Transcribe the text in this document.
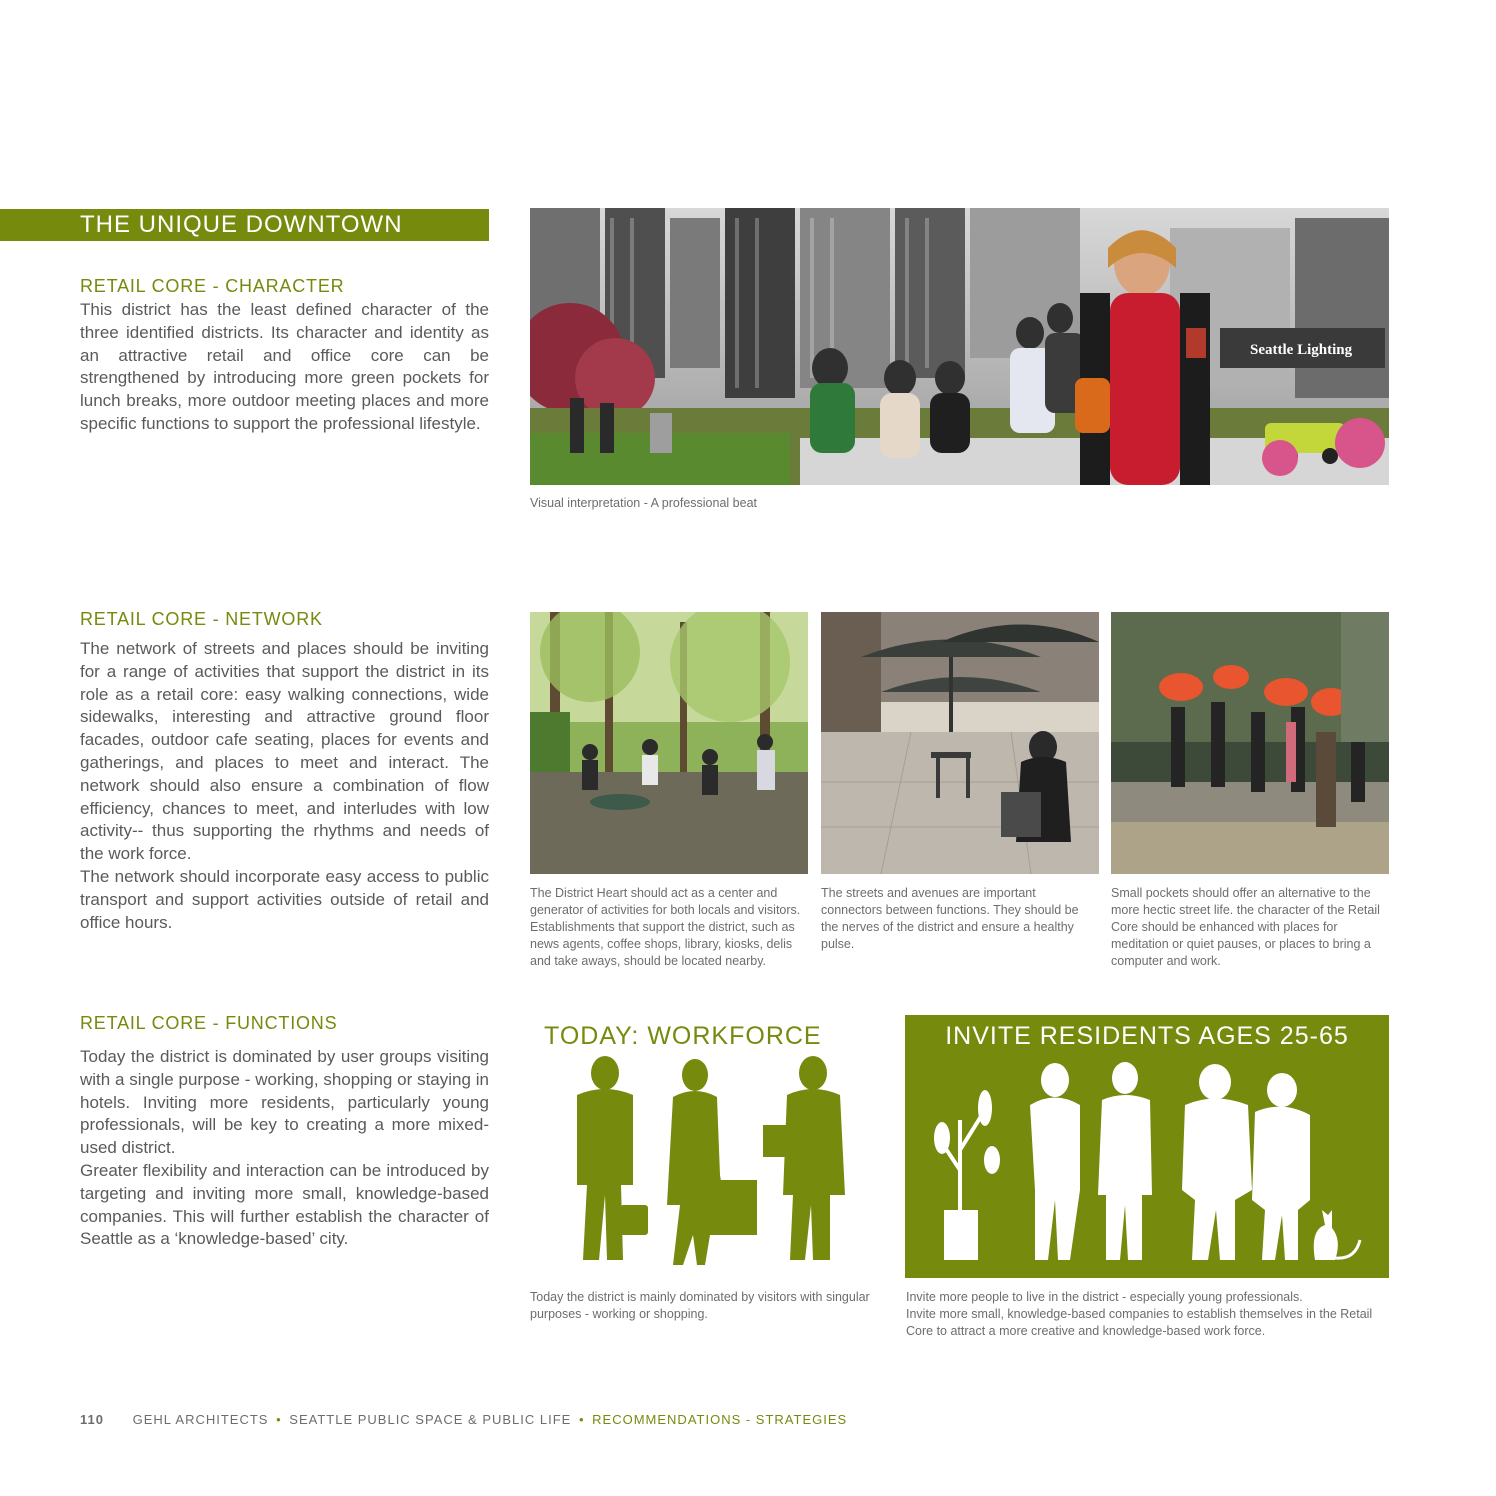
THE UNIQUE DOWNTOWN
RETAIL CORE - CHARACTER
This district has the least defined character of the three identified districts. Its character and identity as an attractive retail and office core can be strengthened by introducing more green pockets for lunch breaks, more outdoor meeting places and more specific functions to support the professional lifestyle.
Seattle Lighting
Visual interpretation - A professional beat
RETAIL CORE - NETWORK
The network of streets and places should be inviting for a range of activities that support the district in its role as a retail core: easy walking connections, wide sidewalks, interesting and attractive ground floor facades, outdoor cafe seating, places for events and gatherings, and places to meet and interact. The network should also ensure a combination of flow efficiency, chances to meet, and interludes with low activity-- thus supporting the rhythms and needs of the work force.
The network should incorporate easy access to public transport and support activities outside of retail and office hours.
The District Heart should act as a center and generator of activities for both locals and visitors. Establishments that support the district, such as news agents, coffee shops, library, kiosks, delis and take aways, should be located nearby.
The streets and avenues are important connectors between functions. They should be the nerves of the district and ensure a healthy pulse.
Small pockets should offer an alternative to the more hectic street life. the character of the Retail Core should be enhanced with places for meditation or quiet pauses, or places to bring a computer and work.
RETAIL CORE - FUNCTIONS
Today the district is dominated by user groups visiting with a single purpose - working, shopping or staying in hotels. Inviting more residents, particularly young professionals, will be key to creating a more mixed-used district.
Greater flexibility and interaction can be introduced by targeting and inviting more small, knowledge-based companies. This will further establish the character of Seattle as a ‘knowledge-based’ city.
TODAY: WORKFORCE
Today the district is mainly dominated by visitors with singular purposes - working or shopping.
INVITE RESIDENTS AGES 25-65
Invite more people to live in the district - especially young professionals.
Invite more small, knowledge-based companies to establish themselves in the Retail Core to attract a more creative and knowledge-based work force.
110 GEHL ARCHITECTS • SEATTLE PUBLIC SPACE & PUBLIC LIFE • RECOMMENDATIONS - STRATEGIES
